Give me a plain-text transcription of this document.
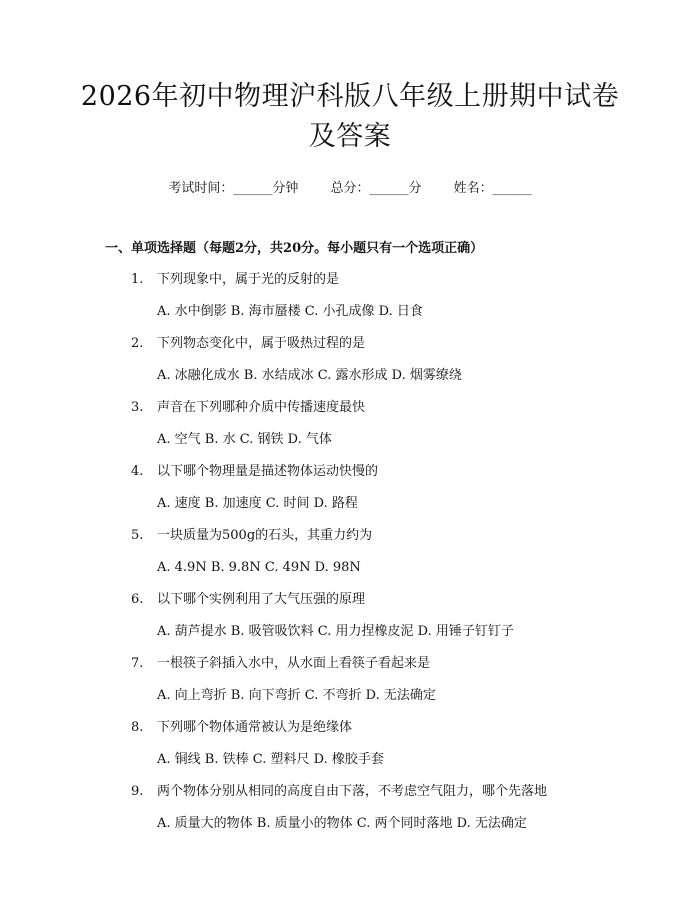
2026年初中物理沪科版八年级上册期中试卷
及答案
考试时间：______分钟 总分：______分 姓名：______
一、单项选择题（每题2分，共20分。每小题只有一个选项正确）
1. 下列现象中，属于光的反射的是
A. 水中倒影 B. 海市蜃楼 C. 小孔成像 D. 日食
2. 下列物态变化中，属于吸热过程的是
A. 冰融化成水 B. 水结成冰 C. 露水形成 D. 烟雾缭绕
3. 声音在下列哪种介质中传播速度最快
A. 空气 B. 水 C. 钢铁 D. 气体
4. 以下哪个物理量是描述物体运动快慢的
A. 速度 B. 加速度 C. 时间 D. 路程
5. 一块质量为500g的石头，其重力约为
A. 4.9N B. 9.8N C. 49N D. 98N
6. 以下哪个实例利用了大气压强的原理
A. 葫芦提水 B. 吸管吸饮料 C. 用力捏橡皮泥 D. 用锤子钉钉子
7. 一根筷子斜插入水中，从水面上看筷子看起来是
A. 向上弯折 B. 向下弯折 C. 不弯折 D. 无法确定
8. 下列哪个物体通常被认为是绝缘体
A. 铜线 B. 铁棒 C. 塑料尺 D. 橡胶手套
9. 两个物体分别从相同的高度自由下落，不考虑空气阻力，哪个先落地
A. 质量大的物体 B. 质量小的物体 C. 两个同时落地 D. 无法确定
